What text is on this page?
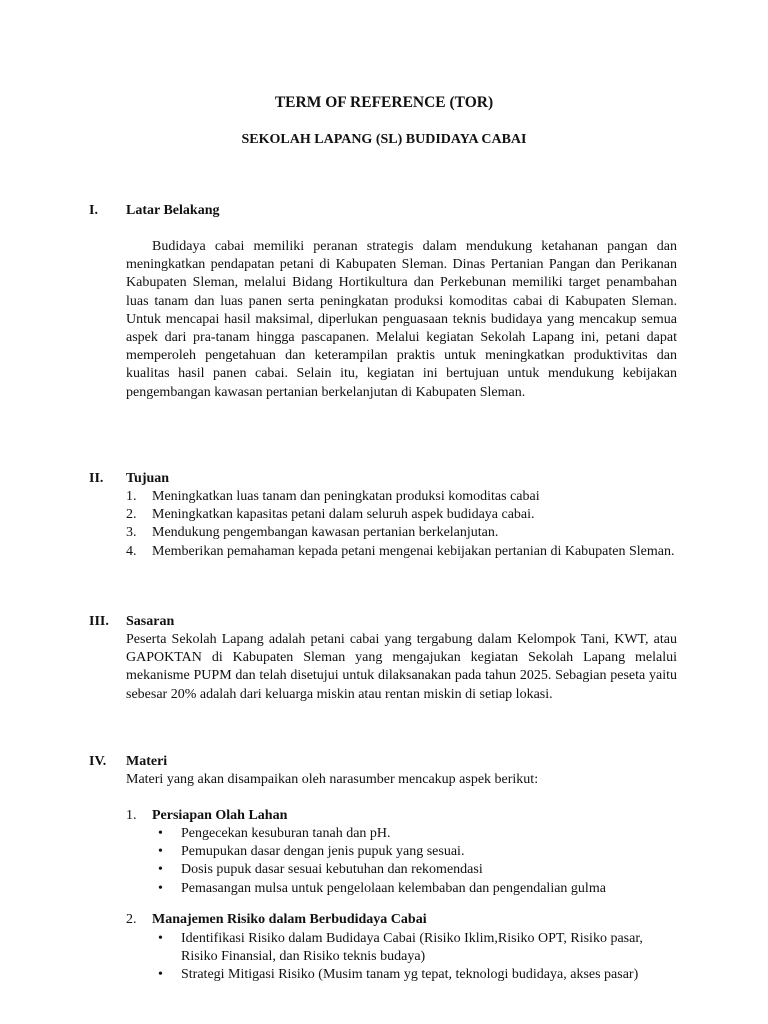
TERM OF REFERENCE (TOR)
SEKOLAH LAPANG (SL) BUDIDAYA CABAI
I. Latar Belakang
Budidaya cabai memiliki peranan strategis dalam mendukung ketahanan pangan dan meningkatkan pendapatan petani di Kabupaten Sleman. Dinas Pertanian Pangan dan Perikanan Kabupaten Sleman, melalui Bidang Hortikultura dan Perkebunan memiliki target penambahan luas tanam dan luas panen serta peningkatan produksi komoditas cabai di Kabupaten Sleman. Untuk mencapai hasil maksimal, diperlukan penguasaan teknis budidaya yang mencakup semua aspek dari pra-tanam hingga pascapanen. Melalui kegiatan Sekolah Lapang ini, petani dapat memperoleh pengetahuan dan keterampilan praktis untuk meningkatkan produktivitas dan kualitas hasil panen cabai. Selain itu, kegiatan ini bertujuan untuk mendukung kebijakan pengembangan kawasan pertanian berkelanjutan di Kabupaten Sleman.
II. Tujuan
1. Meningkatkan luas tanam dan peningkatan produksi komoditas cabai
2. Meningkatkan kapasitas petani dalam seluruh aspek budidaya cabai.
3. Mendukung pengembangan kawasan pertanian berkelanjutan.
4. Memberikan pemahaman kepada petani mengenai kebijakan pertanian di Kabupaten Sleman.
III. Sasaran
Peserta Sekolah Lapang adalah petani cabai yang tergabung dalam Kelompok Tani, KWT, atau GAPOKTAN di Kabupaten Sleman yang mengajukan kegiatan Sekolah Lapang melalui mekanisme PUPM dan telah disetujui untuk dilaksanakan pada tahun 2025. Sebagian peseta yaitu sebesar 20% adalah dari keluarga miskin atau rentan miskin di setiap lokasi.
IV. Materi
Materi yang akan disampaikan oleh narasumber mencakup aspek berikut:
1. Persiapan Olah Lahan
• Pengecekan kesuburan tanah dan pH.
• Pemupukan dasar dengan jenis pupuk yang sesuai.
• Dosis pupuk dasar sesuai kebutuhan dan rekomendasi
• Pemasangan mulsa untuk pengelolaan kelembaban dan pengendalian gulma
2. Manajemen Risiko dalam Berbudidaya Cabai
• Identifikasi Risiko dalam Budidaya Cabai (Risiko Iklim,Risiko OPT, Risiko pasar, Risiko Finansial, dan Risiko teknis budaya)
• Strategi Mitigasi Risiko (Musim tanam yg tepat, teknologi budidaya, akses pasar)
